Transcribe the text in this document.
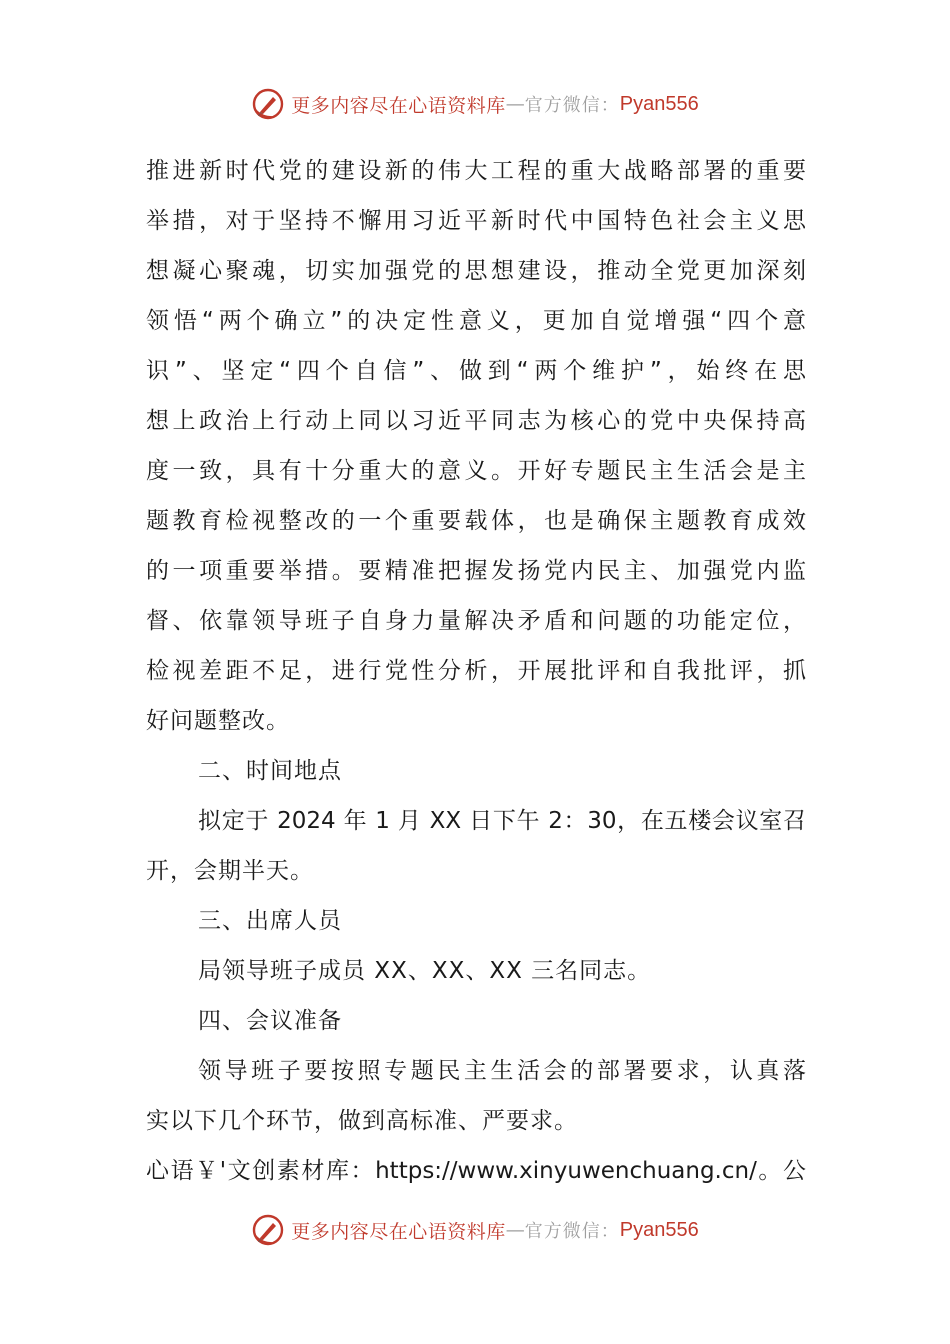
更多内容尽在心语资料库 — 官方微信： Pyan556
推进新时代党的建设新的伟大工程的重大战略部署的重要
举措，对于坚持不懈用习近平新时代中国特色社会主义思
想凝心聚魂，切实加强党的思想建设，推动全党更加深刻
领悟“两个确立”的决定性意义，更加自觉增强“四个意
识”、坚定“四个自信”、做到“两个维护”，始终在思
想上政治上行动上同以习近平同志为核心的党中央保持高
度一致，具有十分重大的意义。开好专题民主生活会是主
题教育检视整改的一个重要载体，也是确保主题教育成效
的一项重要举措。要精准把握发扬党内民主、加强党内监
督、依靠领导班子自身力量解决矛盾和问题的功能定位，
检视差距不足，进行党性分析，开展批评和自我批评，抓
好问题整改。
二、时间地点
拟定于 2024 年 1 月 XX 日下午 2：30，在五楼会议室召
开，会期半天。
三、出席人员
局领导班子成员 XX、XX、XX 三名同志。
四、会议准备
领导班子要按照专题民主生活会的部署要求，认真落
实以下几个环节，做到高标准、严要求。
心语￥'文创素材库：https://www.xinyuwenchuang.cn/。公
更多内容尽在心语资料库 — 官方微信： Pyan556
